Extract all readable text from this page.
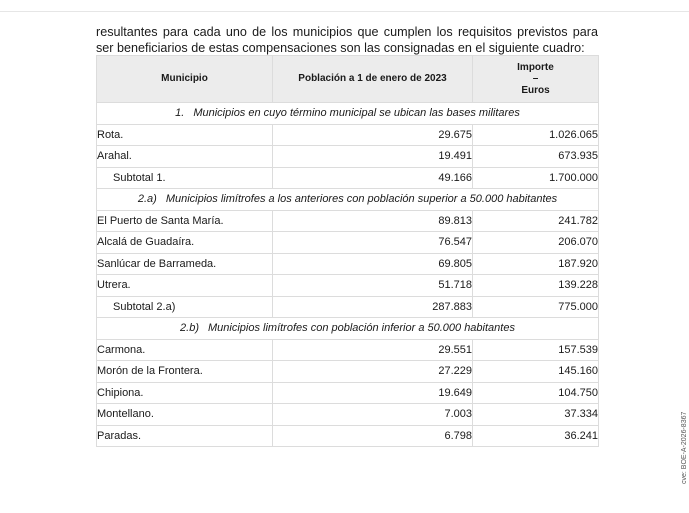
resultantes para cada uno de los municipios que cumplen los requisitos previstos para
ser beneficiarios de estas compensaciones son las consignadas en el siguiente cuadro:

Municipio	Población a 1 de enero de 2023	Importe
–
Euros
1. Municipios en cuyo término municipal se ubican las bases militares		
Rota.	29.675	1.026.065
Arahal.	19.491	673.935
Subtotal 1.	49.166	1.700.000
2.a) Municipios limítrofes a los anteriores con población superior a 50.000 habitantes		
El Puerto de Santa María.	89.813	241.782
Alcalá de Guadaíra.	76.547	206.070
Sanlúcar de Barrameda.	69.805	187.920
Utrera.	51.718	139.228
Subtotal 2.a)	287.883	775.000
2.b) Municipios limítrofes con población inferior a 50.000 habitantes		
Carmona.	29.551	157.539
Morón de la Frontera.	27.229	145.160
Chipiona.	19.649	104.750
Montellano.	7.003	37.334
Paradas.	6.798	36.241	cve: BOE-A-2026-8367
